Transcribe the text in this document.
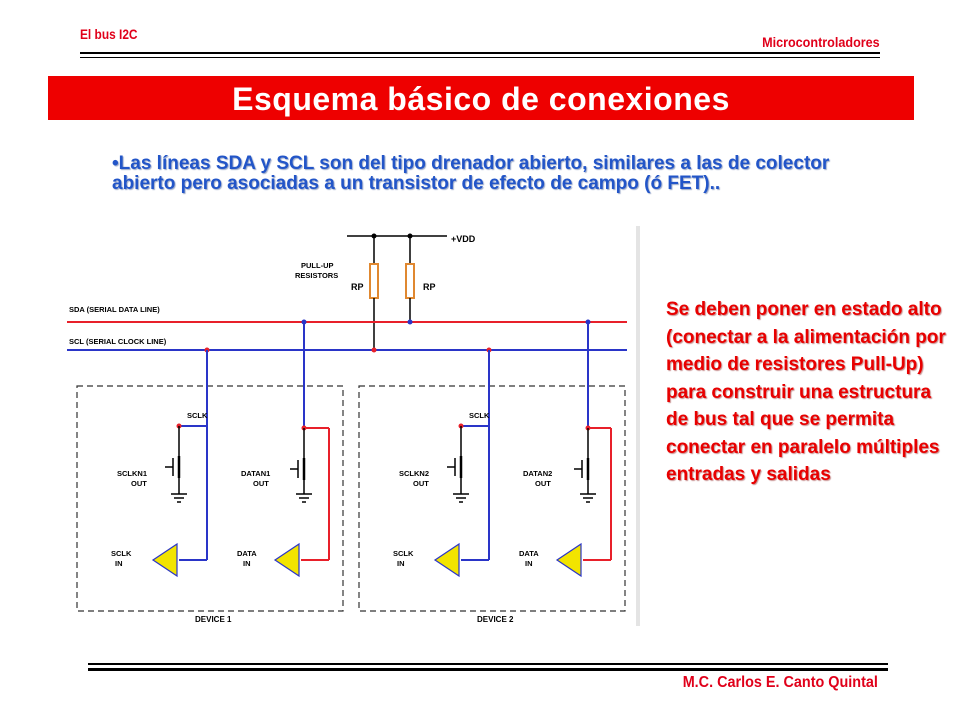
El bus I2C	Microcontroladores
Esquema básico de conexiones
•Las líneas SDA y SCL son del tipo drenador abierto, similares a las de colector abierto pero asociadas a un transistor de efecto de campo (ó FET)..
+VDD
PULL-UP
RESISTORS
RP	RP
SDA (SERIAL DATA LINE)
SCL (SERIAL CLOCK LINE)
DEVICE 1	DEVICE 2
SCLK
SCLKN1
OUT
SCLK
IN
DATAN1
OUT
DATA
IN
SCLK
SCLKN2
OUT
SCLK
IN
DATAN2
OUT
DATA
IN
Se deben poner en estado alto (conectar a la alimentación por medio de resistores Pull-Up) para construir una estructura de bus tal que se permita conectar en paralelo múltiples entradas y salidas
M.C. Carlos E. Canto Quintal
